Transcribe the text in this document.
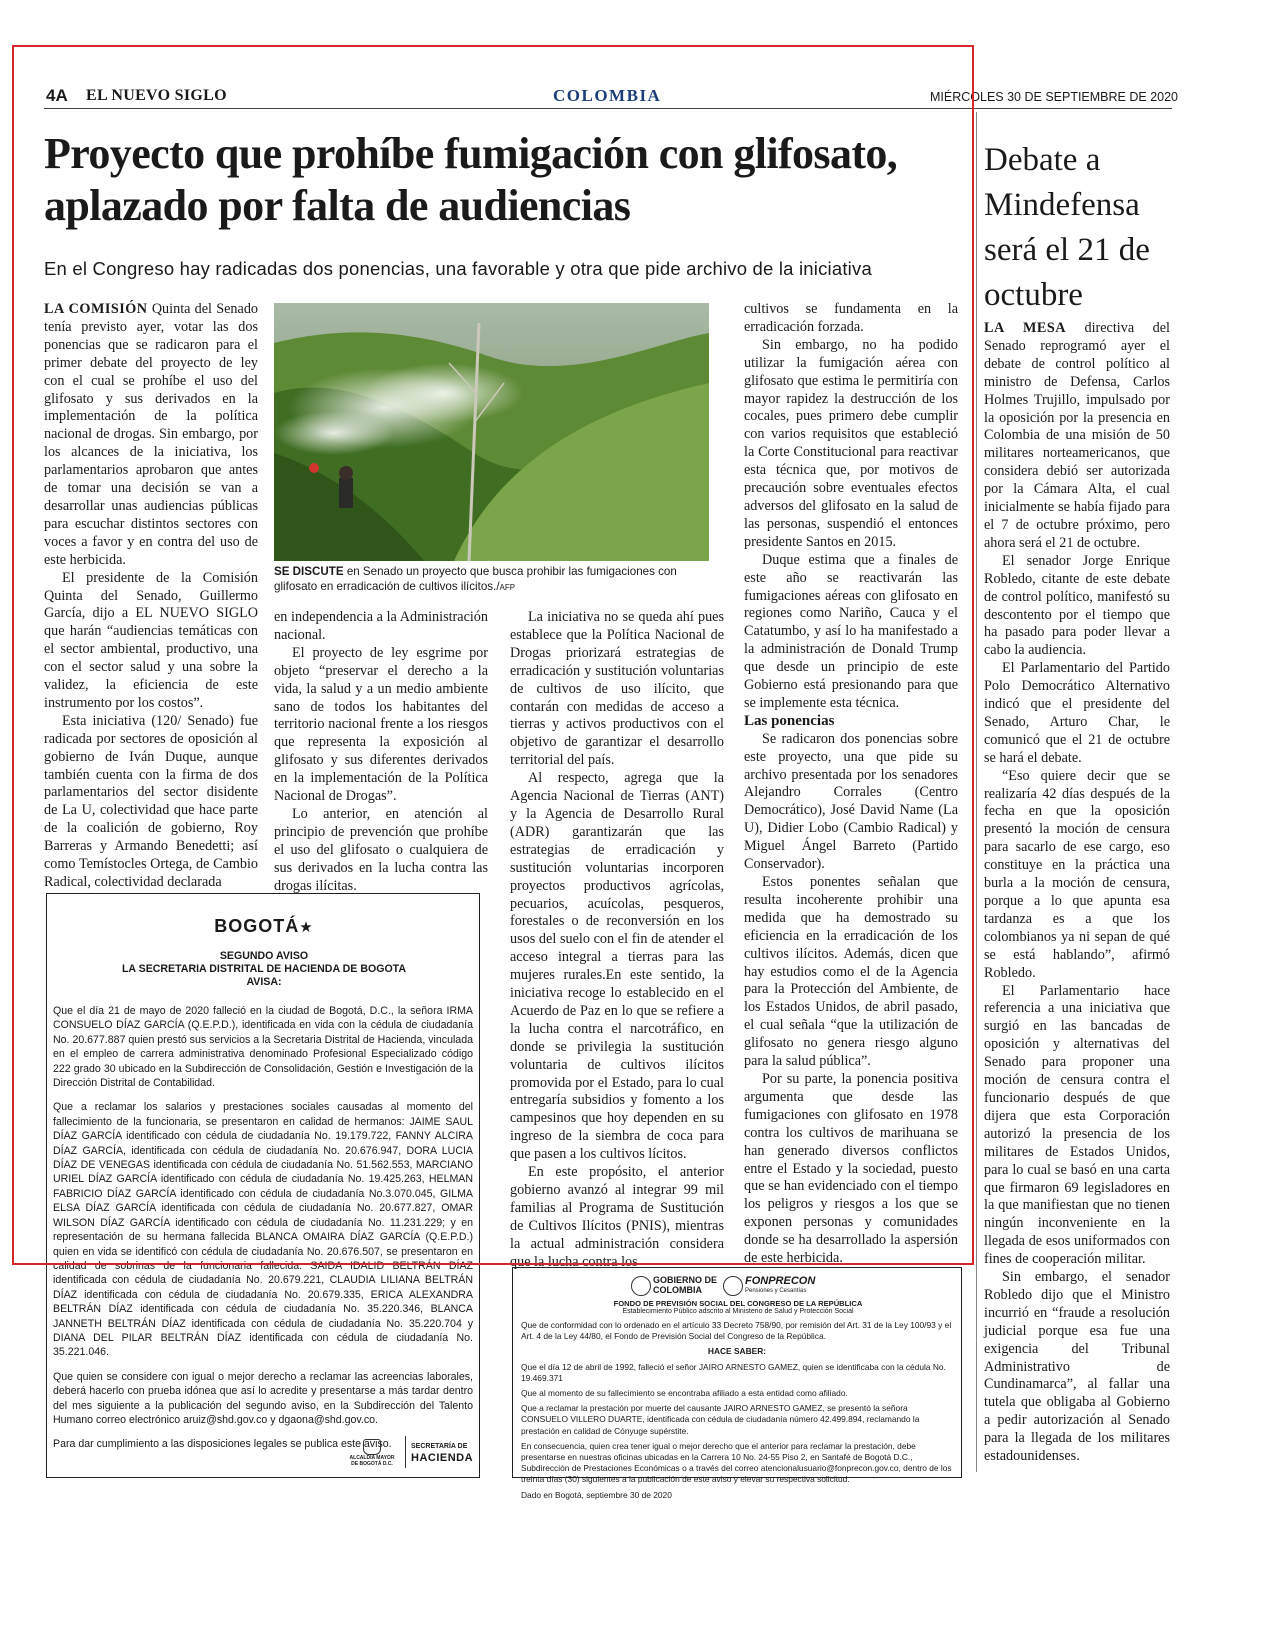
4A EL NUEVO SIGLO	COLOMBIA	MIÉRCOLES 30 DE SEPTIEMBRE DE 2020
Proyecto que prohíbe fumigación con glifosato, aplazado por falta de audiencias
En el Congreso hay radicadas dos ponencias, una favorable y otra que pide archivo de la iniciativa
SE DISCUTE en Senado un proyecto que busca prohibir las fumigaciones con glifosato en erradicación de cultivos ilícitos./AFP

LA COMISIÓN Quinta del Senado tenía previsto ayer, votar las dos ponencias que se radicaron para el primer debate del proyecto de ley con el cual se prohíbe el uso del glifosato y sus derivados en la implementación de la política nacional de drogas. Sin embargo, por los alcances de la iniciativa, los parlamentarios aprobaron que antes de tomar una decisión se van a desarrollar unas audiencias públicas para escuchar distintos sectores con voces a favor y en contra del uso de este herbicida.

El presidente de la Comisión Quinta del Senado, Guillermo García, dijo a EL NUEVO SIGLO que harán “audiencias temáticas con el sector ambiental, productivo, una con el sector salud y una sobre la validez, la eficiencia de este instrumento por los costos”.

Esta iniciativa (120/ Senado) fue radicada por sectores de oposición al gobierno de Iván Duque, aunque también cuenta con la firma de dos parlamentarios del sector disidente de La U, colectividad que hace parte de la coalición de gobierno, Roy Barreras y Armando Benedetti; así como Temístocles Ortega, de Cambio Radical, colectividad declarada

en independencia a la Administración nacional.

El proyecto de ley esgrime por objeto “preservar el derecho a la vida, la salud y a un medio ambiente sano de todos los habitantes del territorio nacional frente a los riesgos que representa la exposición al glifosato y sus diferentes derivados en la implementación de la Política Nacional de Drogas”.

Lo anterior, en atención al principio de prevención que prohíbe el uso del glifosato o cualquiera de sus derivados en la lucha contra las drogas ilícitas.

La iniciativa no se queda ahí pues establece que la Política Nacional de Drogas priorizará estrategias de erradicación y sustitución voluntarias de cultivos de uso ilícito, que contarán con medidas de acceso a tierras y activos productivos con el objetivo de garantizar el desarrollo territorial del país.

Al respecto, agrega que la Agencia Nacional de Tierras (ANT) y la Agencia de Desarrollo Rural (ADR) garantizarán que las estrategias de erradicación y sustitución voluntarias incorporen proyectos productivos agrícolas, pecuarios, acuícolas, pesqueros, forestales o de reconversión en los usos del suelo con el fin de atender el acceso integral a tierras para las mujeres rurales.En este sentido, la iniciativa recoge lo establecido en el Acuerdo de Paz en lo que se refiere a la lucha contra el narcotráfico, en donde se privilegia la sustitución voluntaria de cultivos ilícitos promovida por el Estado, para lo cual entregaría subsidios y fomento a los campesinos que hoy dependen en su ingreso de la siembra de coca para que pasen a los cultivos lícitos.

En este propósito, el anterior gobierno avanzó al integrar 99 mil familias al Programa de Sustitución de Cultivos Ilícitos (PNIS), mientras la actual administración considera que la lucha contra los

cultivos se fundamenta en la erradicación forzada.

Sin embargo, no ha podido utilizar la fumigación aérea con glifosato que estima le permitiría con mayor rapidez la destrucción de los cocales, pues primero debe cumplir con varios requisitos que estableció la Corte Constitucional para reactivar esta técnica que, por motivos de precaución sobre eventuales efectos adversos del glifosato en la salud de las personas, suspendió el entonces presidente Santos en 2015.

Duque estima que a finales de este año se reactivarán las fumigaciones aéreas con glifosato en regiones como Nariño, Cauca y el Catatumbo, y así lo ha manifestado a la administración de Donald Trump que desde un principio de este Gobierno está presionando para que se implemente esta técnica.

Las ponencias

Se radicaron dos ponencias sobre este proyecto, una que pide su archivo presentada por los senadores Alejandro Corrales (Centro Democrático), José David Name (La U), Didier Lobo (Cambio Radical) y Miguel Ángel Barreto (Partido Conservador).

Estos ponentes señalan que resulta incoherente prohibir una medida que ha demostrado su eficiencia en la erradicación de los cultivos ilícitos. Además, dicen que hay estudios como el de la Agencia para la Protección del Ambiente, de los Estados Unidos, de abril pasado, el cual señala “que la utilización de glifosato no genera riesgo alguno para la salud pública”.

Por su parte, la ponencia positiva argumenta que desde las fumigaciones con glifosato en 1978 contra los cultivos de marihuana se han generado diversos conflictos entre el Estado y la sociedad, puesto que se han evidenciado con el tiempo los peligros y riesgos a los que se exponen personas y comunidades donde se ha desarrollado la aspersión de este herbicida.

Debate a Mindefensa será el 21 de octubre

LA MESA directiva del Senado reprogramó ayer el debate de control político al ministro de Defensa, Carlos Holmes Trujillo, impulsado por la oposición por la presencia en Colombia de una misión de 50 militares norteamericanos, que considera debió ser autorizada por la Cámara Alta, el cual inicialmente se había fijado para el 7 de octubre próximo, pero ahora será el 21 de octubre.

El senador Jorge Enrique Robledo, citante de este debate de control político, manifestó su descontento por el tiempo que ha pasado para poder llevar a cabo la audiencia.

El Parlamentario del Partido Polo Democrático Alternativo indicó que el presidente del Senado, Arturo Char, le comunicó que el 21 de octubre se hará el debate.

“Eso quiere decir que se realizaría 42 días después de la fecha en que la oposición presentó la moción de censura para sacarlo de ese cargo, eso constituye en la práctica una burla a la moción de censura, porque a lo que apunta esa tardanza es a que los colombianos ya ni sepan de qué se está hablando”, afirmó Robledo.

El Parlamentario hace referencia a una iniciativa que surgió en las bancadas de oposición y alternativas del Senado para proponer una moción de censura contra el funcionario después de que dijera que esta Corporación autorizó la presencia de los militares de Estados Unidos, para lo cual se basó en una carta que firmaron 69 legisladores en la que manifiestan que no tienen ningún inconveniente en la llegada de esos uniformados con fines de cooperación militar.

Sin embargo, el senador Robledo dijo que el Ministro incurrió en “fraude a resolución judicial porque esa fue una exigencia del Tribunal Administrativo de Cundinamarca”, al fallar una tutela que obligaba al Gobierno a pedir autorización al Senado para la llegada de los militares estadounidenses.

BOGOTÁ★
SEGUNDO AVISO
LA SECRETARIA DISTRITAL DE HACIENDA DE BOGOTA
AVISA:

Que el día 21 de mayo de 2020 falleció en la ciudad de Bogotá, D.C., la señora IRMA CONSUELO DÍAZ GARCÍA (Q.E.P.D.), identificada en vida con la cédula de ciudadanía No. 20.677.887 quien prestó sus servicios a la Secretaria Distrital de Hacienda, vinculada en el empleo de carrera administrativa denominado Profesional Especializado código 222 grado 30 ubicado en la Subdirección de Consolidación, Gestión e Investigación de la Dirección Distrital de Contabilidad.

Que a reclamar los salarios y prestaciones sociales causadas al momento del fallecimiento de la funcionaria, se presentaron en calidad de hermanos: JAIME SAUL DÍAZ GARCÍA identificado con cédula de ciudadanía No. 19.179.722, FANNY ALCIRA DÍAZ GARCÍA, identificada con cédula de ciudadanía No. 20.676.947, DORA LUCIA DÍAZ DE VENEGAS identificada con cédula de ciudadanía No. 51.562.553, MARCIANO URIEL DÍAZ GARCÍA identificado con cédula de ciudadanía No. 19.425.263, HELMAN FABRICIO DÍAZ GARCÍA identificado con cédula de ciudadanía No.3.070.045, GILMA ELSA DÍAZ GARCÍA identificada con cédula de ciudadanía No. 20.677.827, OMAR WILSON DÍAZ GARCÍA identificado con cédula de ciudadanía No. 11.231.229; y en representación de su hermana fallecida BLANCA OMAIRA DÍAZ GARCÍA (Q.E.P.D.) quien en vida se identificó con cédula de ciudadanía No. 20.676.507, se presentaron en calidad de sobrinas de la funcionaria fallecida: SAIDA IDALID BELTRÁN DÍAZ identificada con cédula de ciudadanía No. 20.679.221, CLAUDIA LILIANA BELTRÁN DÍAZ identificada con cédula de ciudadanía No. 20.679.335, ERICA ALEXANDRA BELTRÁN DÍAZ identificada con cédula de ciudadanía No. 35.220.346, BLANCA JANNETH BELTRÁN DÍAZ identificada con cédula de ciudadanía No. 35.220.704 y DIANA DEL PILAR BELTRÁN DÍAZ identificada con cédula de ciudadanía No. 35.221.046.

Que quien se considere con igual o mejor derecho a reclamar las acreencias laborales, deberá hacerlo con prueba idónea que así lo acredite y presentarse a más tardar dentro del mes siguiente a la publicación del segundo aviso, en la Subdirección del Talento Humano correo electrónico aruiz@shd.gov.co y dgaona@shd.gov.co.

Para dar cumplimiento a las disposiciones legales se publica este aviso.

ALCALDÍA MAYOR DE BOGOTÁ D.C.
SECRETARÍA DE
HACIENDA
GOBIERNO DE COLOMBIA
FONPRECON
Pensiones y Cesantías
FONDO DE PREVISIÓN SOCIAL DEL CONGRESO DE LA REPÚBLICA
Establecimiento Público adscrito al Ministerio de Salud y Protección Social

Que de conformidad con lo ordenado en el artículo 33 Decreto 758/90, por remisión del Art. 31 de la Ley 100/93 y el Art. 4 de la Ley 44/80, el Fondo de Previsión Social del Congreso de la República.

HACE SABER:

Que el día 12 de abril de 1992, falleció el señor JAIRO ARNESTO GAMEZ, quien se identificaba con la cédula No. 19.469.371

Que al momento de su fallecimiento se encontraba afiliado a esta entidad como afiliado.

Que a reclamar la prestación por muerte del causante JAIRO ARNESTO GAMEZ, se presentó la señora CONSUELO VILLERO DUARTE, identificada con cédula de ciudadanía número 42.499.894, reclamando la prestación en calidad de Cónyuge supérstite.

En consecuencia, quien crea tener igual o mejor derecho que el anterior para reclamar la prestación, debe presentarse en nuestras oficinas ubicadas en la Carrera 10 No. 24-55 Piso 2, en Santafé de Bogotá D.C., Subdirección de Prestaciones Económicas o a través del correo atencionalusuario@fonprecon.gov.co, dentro de los treinta días (30) siguientes a la publicación de este aviso y elevar su respectiva solicitud.

Dado en Bogotá, septiembre 30 de 2020
